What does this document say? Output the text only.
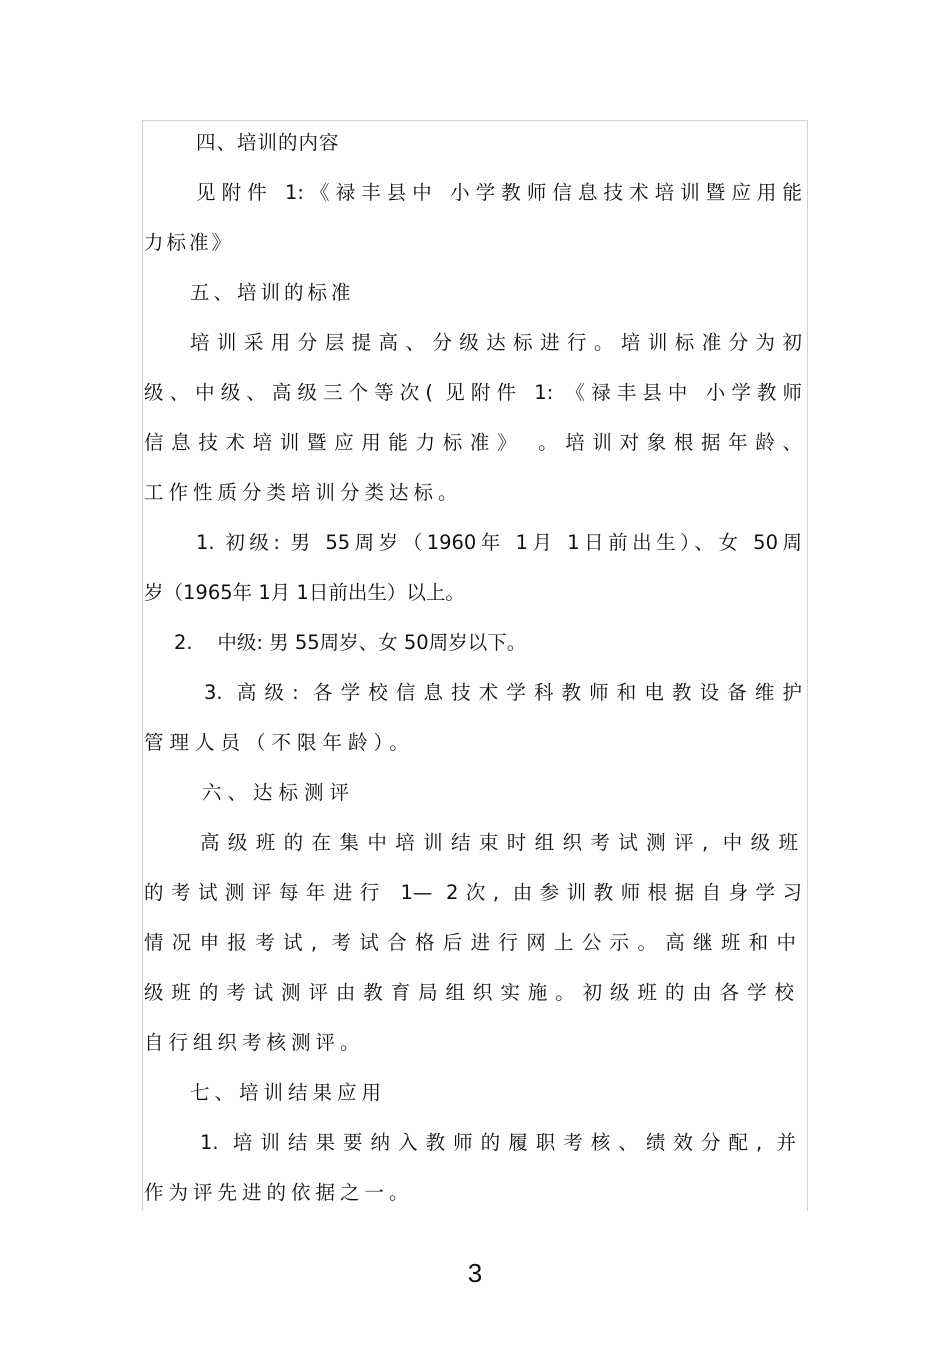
四、培训的内容
见附件 1:《禄丰县中 小学教师信息技术培训暨应用能
力标准》
五、培训的标准
培训采用分层提高、分级达标进行。培训标准分为初
级、中级、高级三个等次( 见附件 1: 《禄丰县中 小学教师
信息技术培训暨应用能力标准》 。培训对象根据年龄、
工作性质分类培训分类达标。
1. 初级: 男 55周岁（1960年 1月 1日前出生）、女 50周
岁（1965年 1月 1日前出生）以上。
2.    中级: 男 55周岁、女 50周岁以下。
3. 高级: 各学校信息技术学科教师和电教设备维护
管理人员（不限年龄）。
六、达标测评
高级班的在集中培训结束时组织考试测评, 中级班
的考试测评每年进行 1— 2次, 由参训教师根据自身学习
情况申报考试, 考试合格后进行网上公示。高继班和中
级班的考试测评由教育局组织实施。初级班的由各学校
自行组织考核测评。
七、培训结果应用
1. 培训结果要纳入教师的履职考核、绩效分配, 并
作为评先进的依据之一。
3
